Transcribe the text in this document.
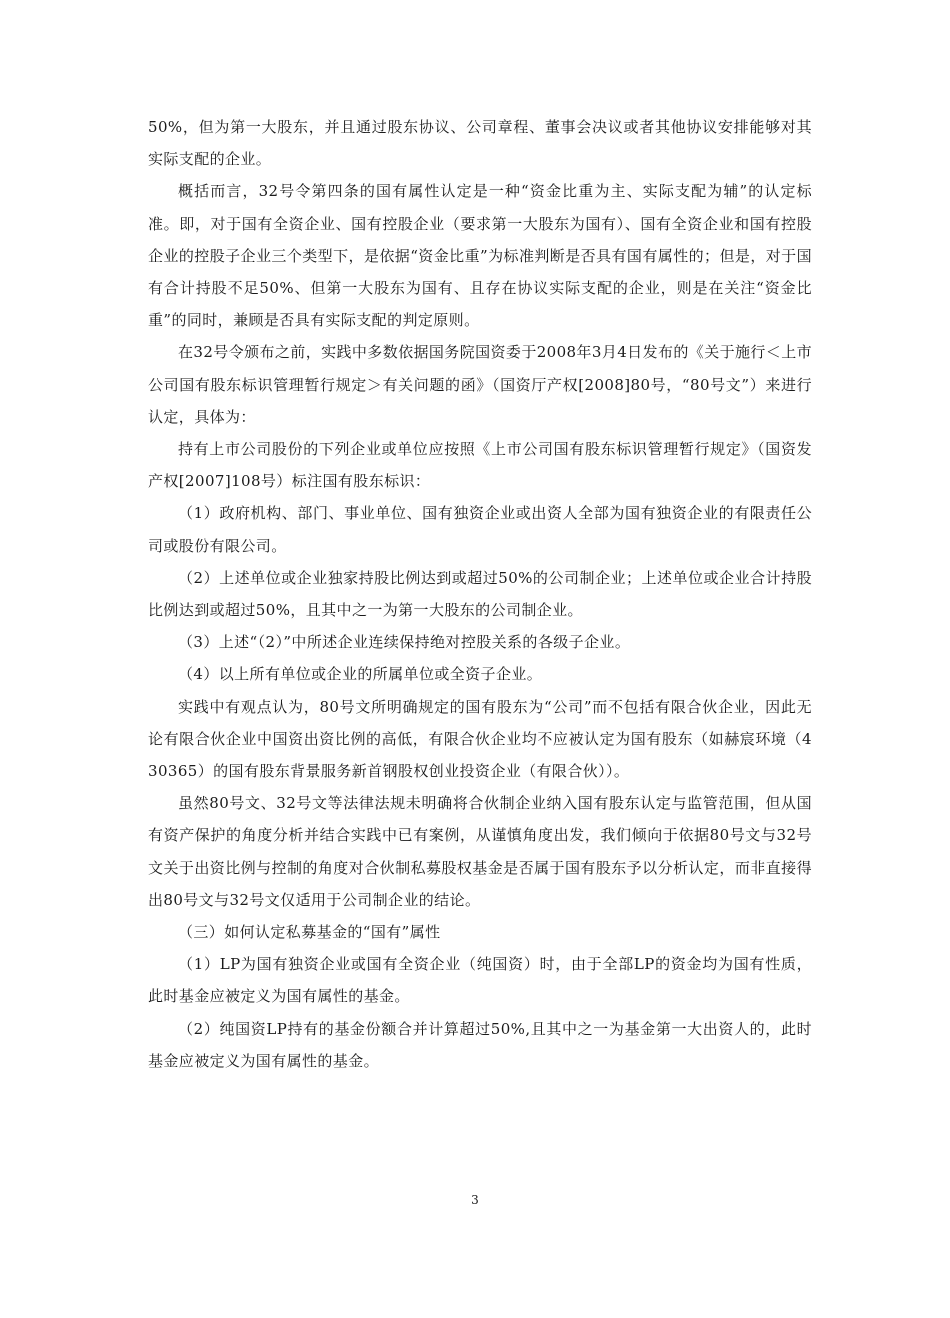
50%，但为第一大股东，并且通过股东协议、公司章程、董事会决议或者其他协议安排能够对其实际支配的企业。

概括而言，32号令第四条的国有属性认定是一种“资金比重为主、实际支配为辅”的认定标准。即，对于国有全资企业、国有控股企业（要求第一大股东为国有）、国有全资企业和国有控股企业的控股子企业三个类型下，是依据“资金比重”为标准判断是否具有国有属性的；但是，对于国有合计持股不足50%、但第一大股东为国有、且存在协议实际支配的企业，则是在关注“资金比重”的同时，兼顾是否具有实际支配的判定原则。

在32号令颁布之前，实践中多数依据国务院国资委于2008年3月4日发布的《关于施行＜上市公司国有股东标识管理暂行规定＞有关问题的函》（国资厅产权[2008]80号，“80号文”）来进行认定，具体为：

持有上市公司股份的下列企业或单位应按照《上市公司国有股东标识管理暂行规定》（国资发产权[2007]108号）标注国有股东标识：

（1）政府机构、部门、事业单位、国有独资企业或出资人全部为国有独资企业的有限责任公司或股份有限公司。

（2）上述单位或企业独家持股比例达到或超过50%的公司制企业；上述单位或企业合计持股比例达到或超过50%，且其中之一为第一大股东的公司制企业。

（3）上述“（2）”中所述企业连续保持绝对控股关系的各级子企业。

（4）以上所有单位或企业的所属单位或全资子企业。

实践中有观点认为，80号文所明确规定的国有股东为“公司”而不包括有限合伙企业，因此无论有限合伙企业中国资出资比例的高低，有限合伙企业均不应被认定为国有股东（如赫宸环境（430365）的国有股东背景服务新首钢股权创业投资企业（有限合伙））。

虽然80号文、32号文等法律法规未明确将合伙制企业纳入国有股东认定与监管范围，但从国有资产保护的角度分析并结合实践中已有案例，从谨慎角度出发，我们倾向于依据80号文与32号文关于出资比例与控制的角度对合伙制私募股权基金是否属于国有股东予以分析认定，而非直接得出80号文与32号文仅适用于公司制企业的结论。

（三）如何认定私募基金的“国有”属性

（1）LP为国有独资企业或国有全资企业（纯国资）时，由于全部LP的资金均为国有性质，此时基金应被定义为国有属性的基金。

（2）纯国资LP持有的基金份额合并计算超过50%,且其中之一为基金第一大出资人的，此时基金应被定义为国有属性的基金。

3
